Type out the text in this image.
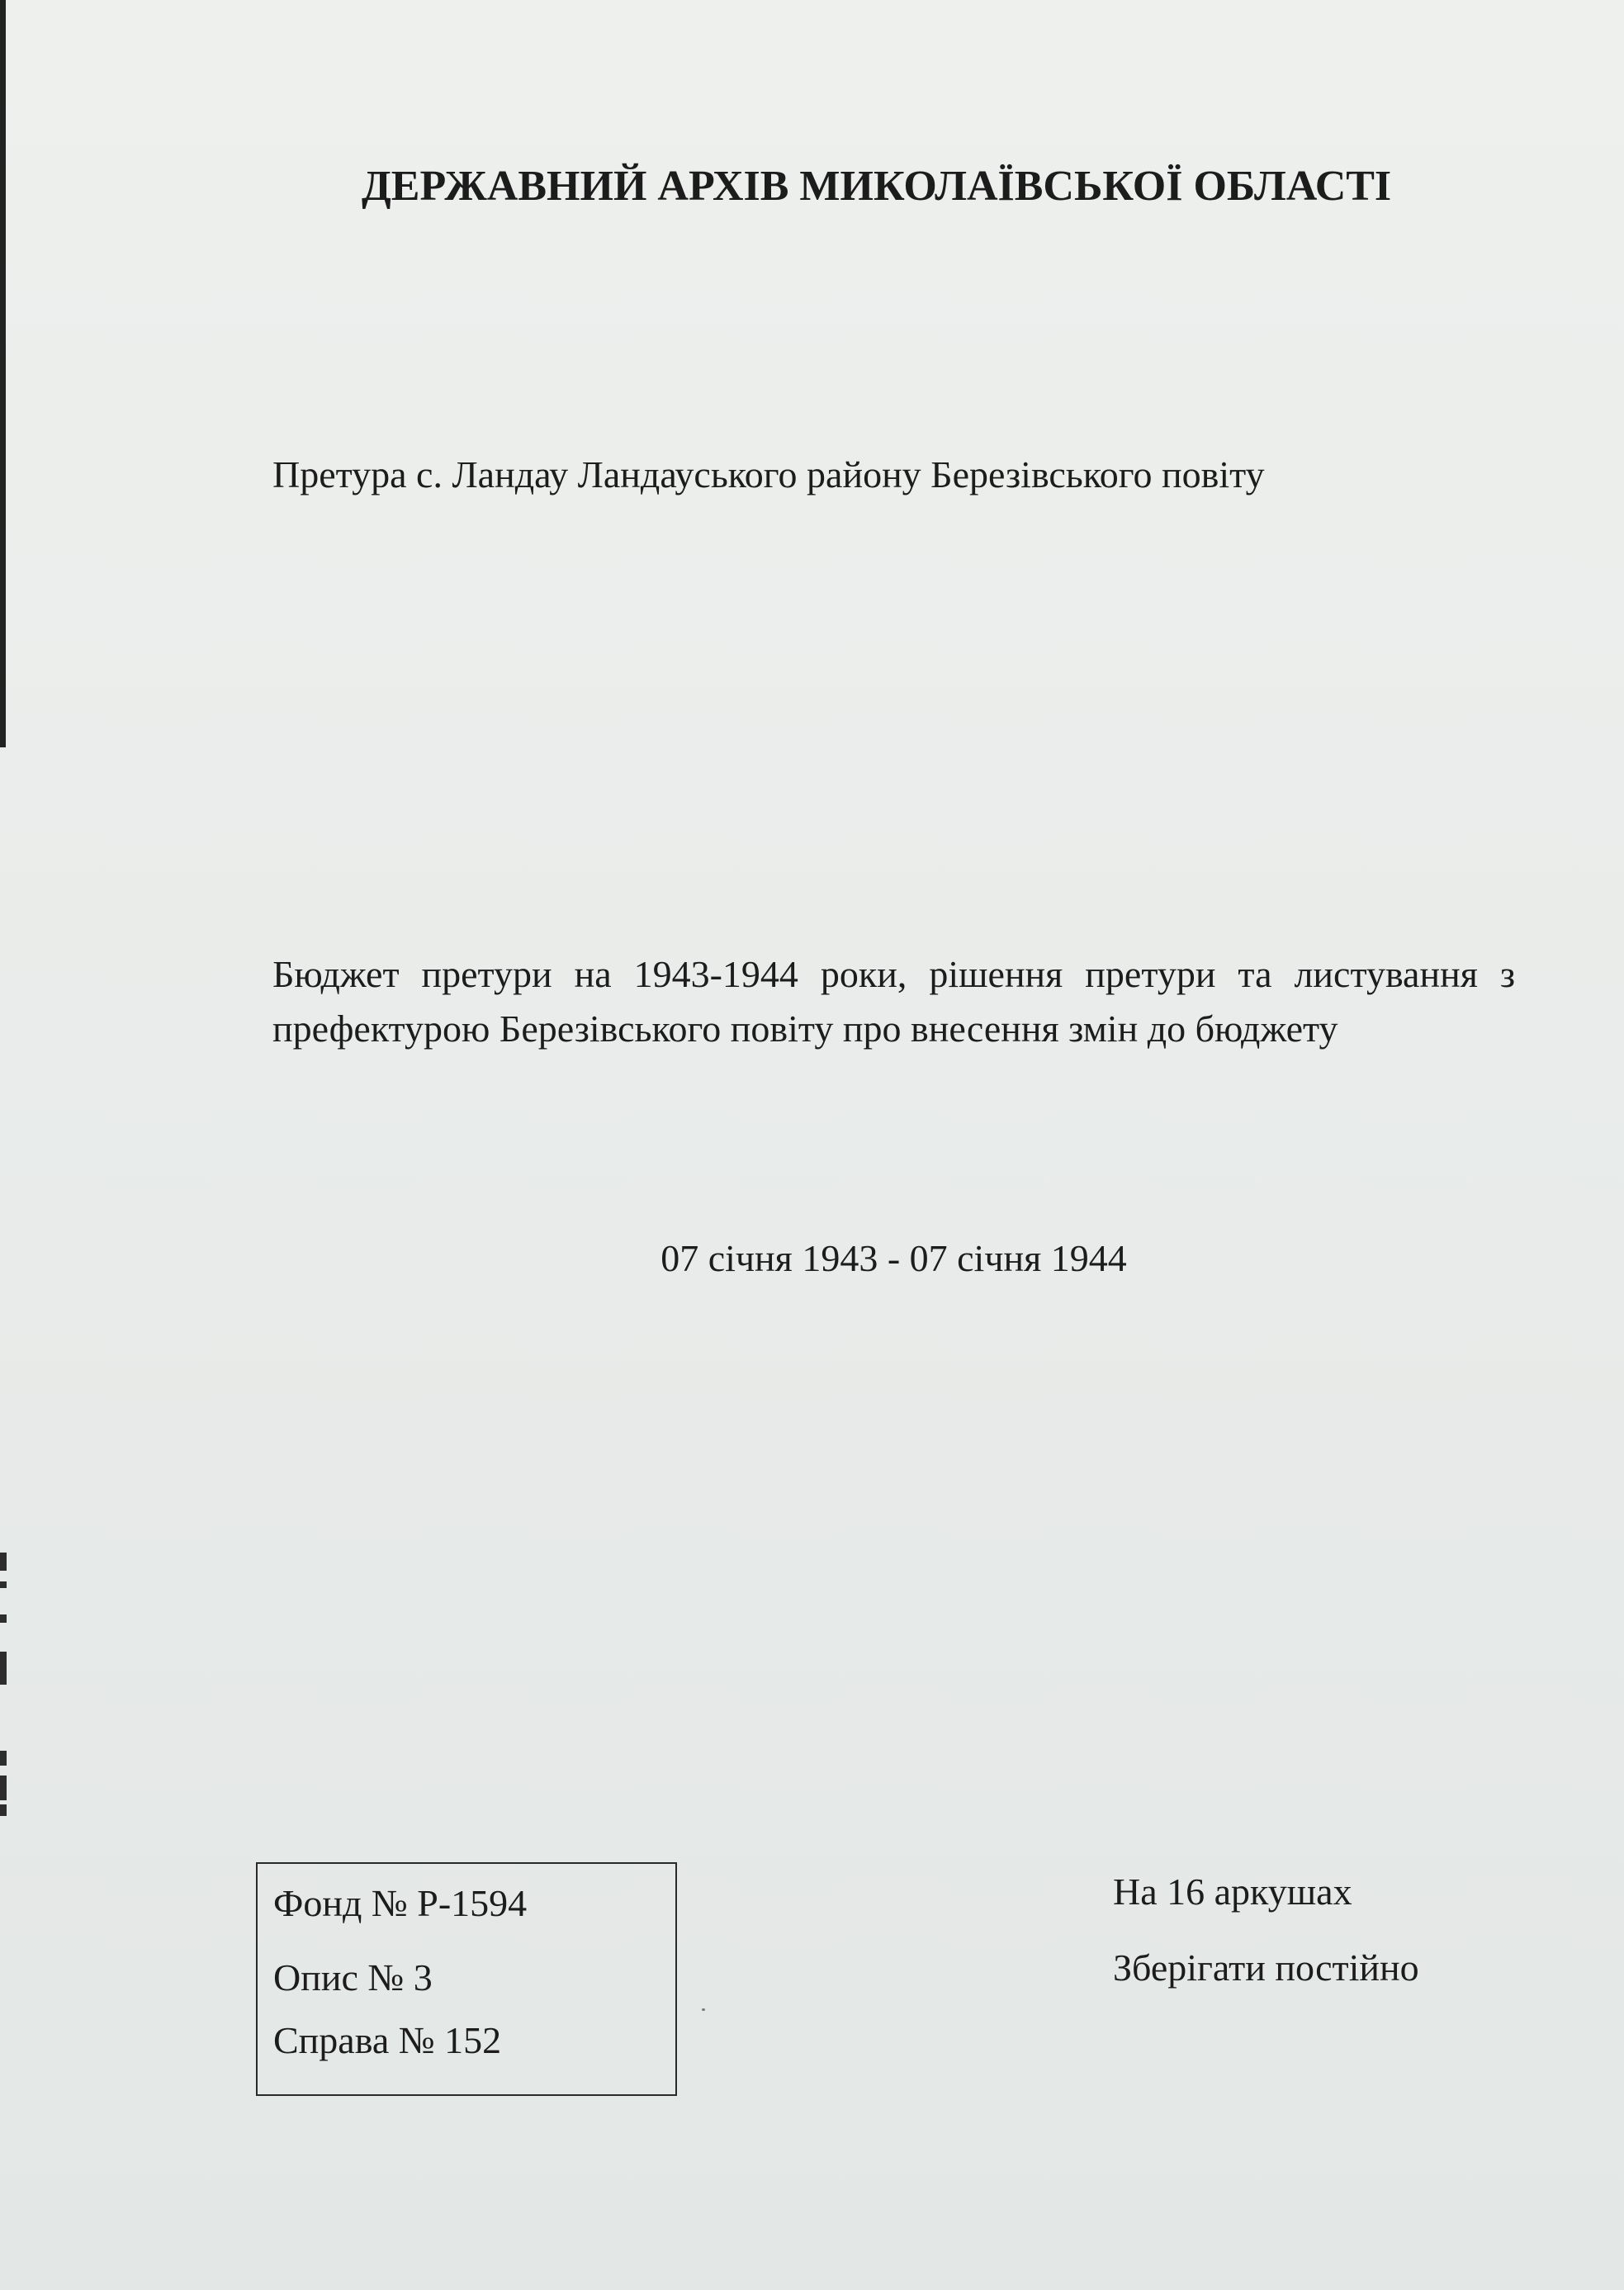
ДЕРЖАВНИЙ АРХІВ МИКОЛАЇВСЬКОЇ ОБЛАСТІ
Претура с. Ландау Ландауського району Березівського повіту
Бюджет претури на 1943-1944 роки, рішення претури та листування з префектурою Березівського повіту про внесення змін до бюджету
07 січня 1943 - 07 січня 1944
Фонд № Р-1594
Опис № 3
Справа № 152
На 16 аркушах
Зберігати постійно
